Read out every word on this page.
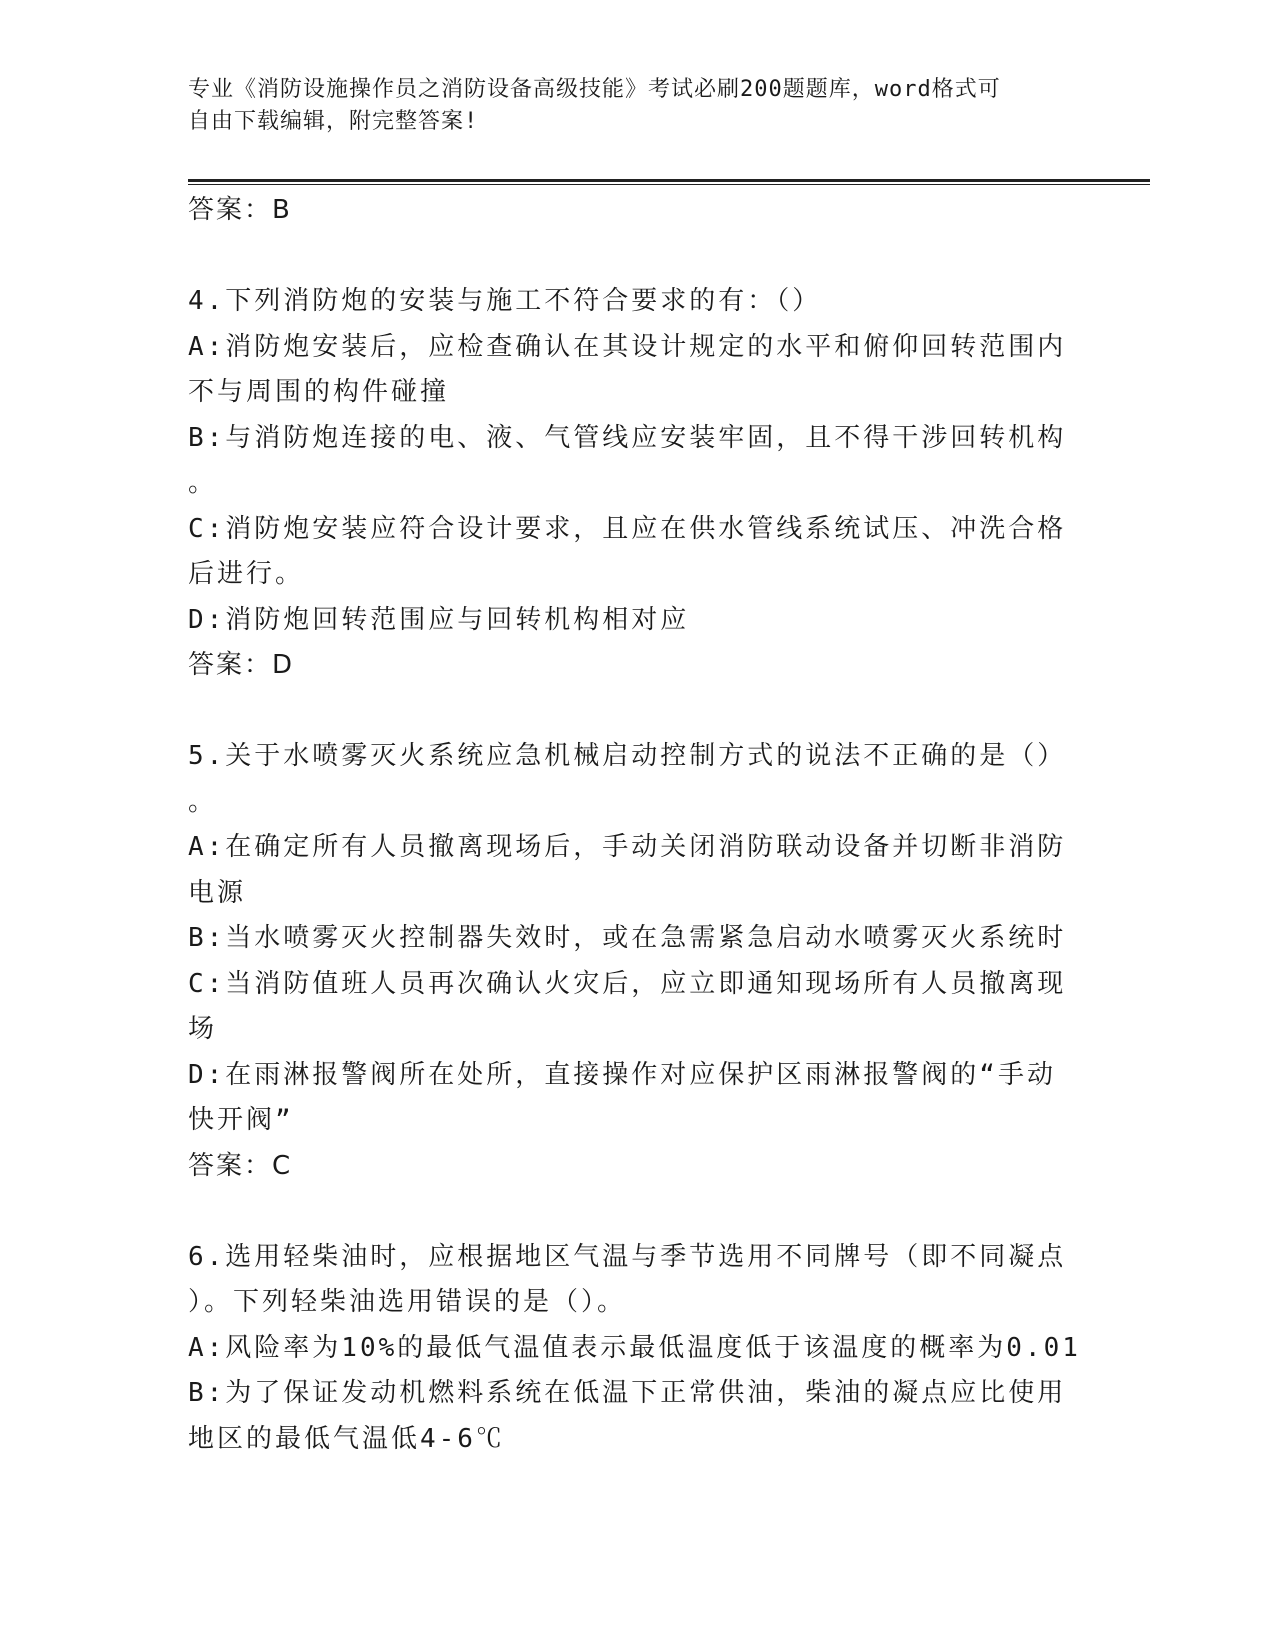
专业《消防设施操作员之消防设备高级技能》考试必刷200题题库，word格式可
自由下载编辑，附完整答案!
答案：B
4.下列消防炮的安装与施工不符合要求的有：（）
A:消防炮安装后，应检查确认在其设计规定的水平和俯仰回转范围内
不与周围的构件碰撞
B:与消防炮连接的电、液、气管线应安装牢固，且不得干涉回转机构
。
C:消防炮安装应符合设计要求，且应在供水管线系统试压、冲洗合格
后进行。
D:消防炮回转范围应与回转机构相对应
答案：D
5.关于水喷雾灭火系统应急机械启动控制方式的说法不正确的是（）
。
A:在确定所有人员撤离现场后，手动关闭消防联动设备并切断非消防
电源
B:当水喷雾灭火控制器失效时，或在急需紧急启动水喷雾灭火系统时
C:当消防值班人员再次确认火灾后，应立即通知现场所有人员撤离现
场
D:在雨淋报警阀所在处所，直接操作对应保护区雨淋报警阀的“手动
快开阀”
答案：C
6.选用轻柴油时，应根据地区气温与季节选用不同牌号（即不同凝点
）。下列轻柴油选用错误的是（）。
A:风险率为10%的最低气温值表示最低温度低于该温度的概率为0.01
B:为了保证发动机燃料系统在低温下正常供油，柴油的凝点应比使用
地区的最低气温低4-6℃
